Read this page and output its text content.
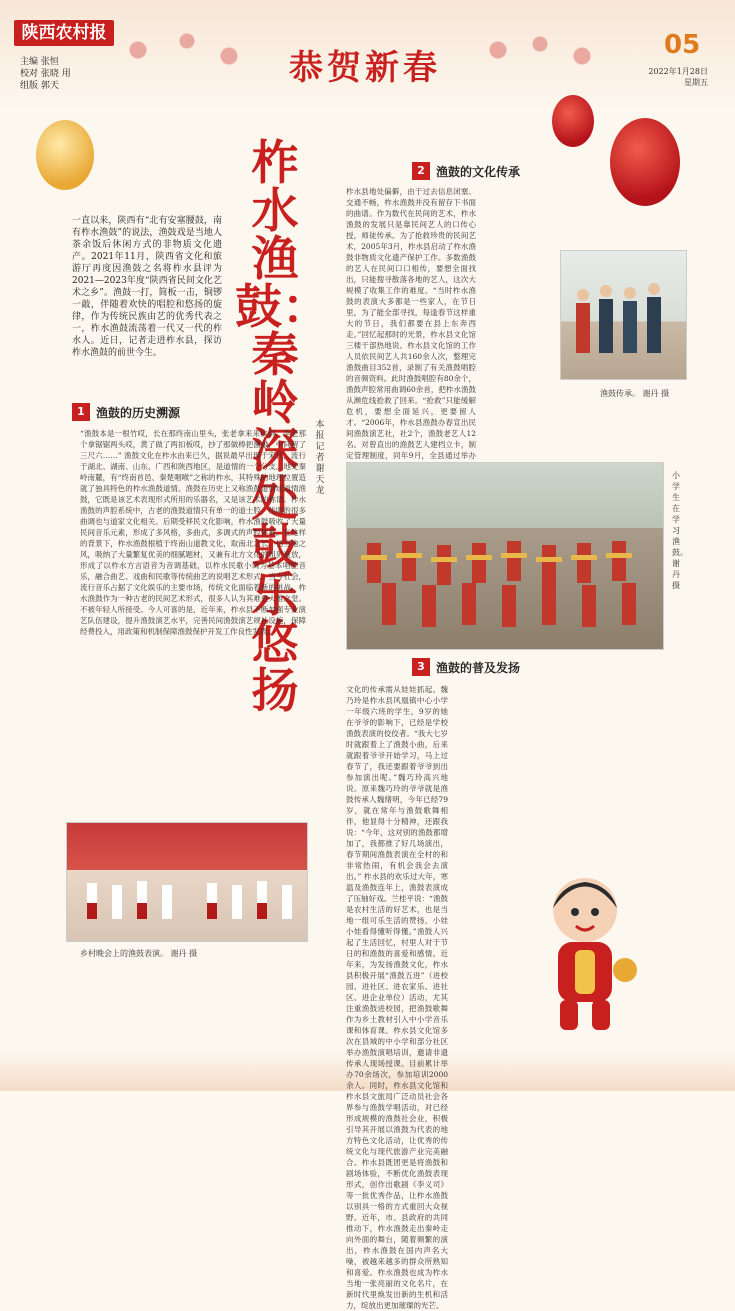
陕西农村报
主编 张恒
校对 张晓 用
组版 郭天
05
2022年1月28日
星期五
恭贺新春
柞水渔鼓：秦岭深处鼓乐悠扬
本报记者 谢天龙
一直以来，陕西有“北有安塞腰鼓，南有柞水渔鼓”的说法，渔鼓戏是当地人茶余饭后休闲方式的非物质文化遗产。2021年11月，陕西省文化和旅游厅再度因渔鼓之名将柞水县评为2021—2023年度“陕西省民间文化艺术之乡”。渔鼓一打，简板一击，铜锣一敲，伴随着欢快的唱腔和悠扬的旋律，作为传统民族由艺的优秀代表之一，柞水渔鼓流荡着一代又一代的柞水人。近日，记者走进柞水县，探访柞水渔鼓的前世今生。
1 渔鼓的历史溯源
“渔鼓本是一根竹哎，长在那终南山里头，张老拿来来砍倒，李老那个拿锯锯两头哎，黄了做了两扣板哎，抄了那做棒把激敲，中间留了三尺六……” 渔鼓文化在柞水由来已久，据说最早出现于宋代，流行于湖北、湖南、山东、广西和陕西地区，是道情的一个分支。地处秦岭南麓，有“终南首邑、秦楚咽喉”之称的柞水，其特殊的地理位置造就了独具特色的柞水渔鼓道情。渔鼓在历史上又称渔鼓道情或道情渔鼓，它既是该艺术表现形式所用的乐器名，又是该艺术的称谓。柞水渔鼓的声腔系统中，古老的渔鼓道情只有单一的道士腔，传唱的很多曲调也与道家文化相关。后期受移民文化影响，柞水渔鼓吸收了大量民间音乐元素，形成了多风格，多曲式，多调式的声腔体系。在这样的背景下，柞水渔鼓根植于终南山道教文化，取南北之长，扬当地之风，吸纳了大量繁复优美的细腻题材，又兼有北方文化的粗犷豪放，形成了以柞水方言语音为音调基础，以柞水民歌小调为基本唱腔音乐，融合曲艺、戏曲和民歌等传统曲艺的说唱艺术形式。当今社会，流行音乐占据了文化娱乐的主要市场，传统文化面临着新的挑战。柞水渔鼓作为一种古老的民间艺术形式，很多人认为其难登大雅之堂。不被年轻人所接受。今人可喜的是，近年来，柞水县不断加强专业演艺队伍建设，提升渔鼓演艺水平，完善民间渔鼓演艺规社设施，保障经费投入，用政策和机制保障渔鼓保护开发工作良性发展。
乡村晚会上的渔鼓表演。 谢丹 摄
2 渔鼓的文化传承
柞水县地处偏僻，由于过去信息闭塞、交通不畅，柞水渔鼓并没有留存下书面的曲谱。作为数代在民间的艺术，柞水渔鼓的发展只是靠民间艺人的口传心授，师徒传承。为了抢救珍贵的民间艺术，2005年3月，柞水县启动了柞水渔鼓非物质文化遗产保护工作。多数渔鼓的艺人在民间口口相传，要想全面找出，只能搜寻散落各地的艺人，这次大规模了收集工作的难度。“当时柞水渔鼓的表演大多都是一些家人，在节日里，为了能全部寻找，每逢春节这样重大的节日，我们都要在县上东奔西走。”回忆起那时的光景，柞水县文化馆三楼干部热地说。柞水县文化馆的工作人员依民间艺人共160余人次，整理完渔鼓曲目352首，录制了有关渔鼓唱腔的音频资料。此时渔鼓唱腔有80余个，渔鼓声腔常用曲调60余首，把柞水渔鼓从濒危线抢救了回来。“抢救”只能缓解危机，要想全面延兴，更要留人才。“2006年，柞水县渔鼓办春宣出民间渔鼓演艺社，社2个，渔鼓老艺人12名。对曾直出的渔鼓艺人建档立卡，制定管理制度，同年9月，全县通过举办
渔鼓传承。 谢丹 摄
小学生在学习渔鼓。 谢丹 摄
3 渔鼓的普及发扬
文化的传承需从娃娃抓起。魏乃玲是柞水县风凰镇中心小学一年级六班的学生，9岁的她在爷爷的影响下，已经是学校渔鼓表演的佼佼者。“我大七岁时就跟着上了渔鼓小曲，后来就跟着爷爷开始学习，马上过春节了，我还要跟着爷爷到出参加演出呢。”魏巧玲高兴地说。原来魏巧玲的爷爷就是渔鼓传承人魏绪明，今年已经79岁，就在常年与渔鼓歌舞相伴，他显得十分精神，还跟我说：“今年，这对别的渔鼓都增加了，我都推了好几场演出，春节期间渔鼓表演在全村的和非常热闹，有机会我会去演出。” 柞水县的欢乐过大年，寒温及渔鼓连年上，渔鼓表演成了压轴好戏。兰桂平说：“渔鼓是农村生活的好艺术，也是当地一组可乐生活的赞扬，小娃小娃看得懂听得懂。”渔鼓人兴起了生活回忆，村里人对于节日的和渔鼓的喜爱和感情。近年来，为发扬渔鼓文化，柞水县积极开展“渔鼓五进”（进校园、进社区、进农家乐、进社区、进企业单位）活动，尤其注重渔鼓进校园，把渔鼓歌舞作为乡土教材引入中小学音乐课和体育课。柞水县文化馆多次在县城的中小学和部分社区举办渔鼓演唱培训，邀请非遗传承人现场授课。目前累计举办70余场次，参加培训2000余人。同时，柞水县文化馆和柞水县文旅局广泛动员社会各界参与渔鼓学唱活动，对已经形成规模的渔鼓社会业，积极引导其开展以渔鼓为代表的地方特色文化活动，让优秀的传统文化与现代旅游产业完美融合。柞水县既团更是将渔鼓和剧场体验，不断优化渔鼓表现形式，创作出歌剧《李义司》等一批优秀作品，让柞水渔鼓以别具一格的方式重回大众视野。近年，市、县政府的共同推动下，柞水渔鼓走出秦岭走向外面的舞台，随着频繁的演出，柞水渔鼓在国内声名大噪，被越来越多的群众所熟知和喜爱。柞水渔鼓也成为柞水当地一张亮丽的文化名片，在新时代里焕发出新的生机和活力，绽放出更加璀璨的光芒。
